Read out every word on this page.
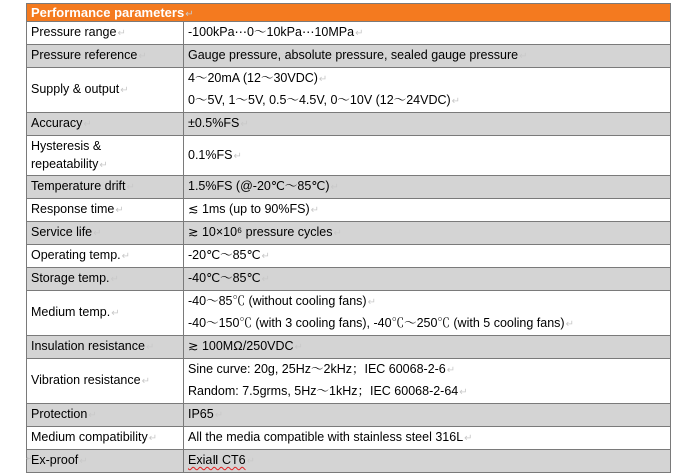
Performance parameters↵
Pressure range↵	-100kPa⋯0～10kPa⋯10MPa↵
Pressure reference↵	Gauge pressure, absolute pressure, sealed gauge pressure↵
Supply & output↵	4～20mA (12～30VDC)↵
0～5V, 1～5V, 0.5～4.5V, 0～10V (12～24VDC)↵

Accuracy↵	±0.5%FS↵
Hysteresis & repeatability↵	0.1%FS↵
Temperature drift↵	1.5%FS (@-20℃～85℃)↵
Response time↵	≲ 1ms (up to 90%FS)↵
Service life↵	≳ 10×10⁶ pressure cycles↵
Operating temp.↵	-20℃～85℃↵
Storage temp.↵	-40℃～85℃↵
Medium temp.↵	-40～85℃ (without cooling fans)↵
-40～150℃ (with 3 cooling fans), -40℃～250℃ (with 5 cooling fans)↵

Insulation resistance↵	≳ 100MΩ/250VDC↵
Vibration resistance↵	Sine curve: 20g, 25Hz～2kHz；IEC 60068-2-6↵
Random: 7.5grms, 5Hz～1kHz；IEC 60068-2-64↵

Protection↵	IP65↵
Medium compatibility↵	All the media compatible with stainless steel 316L↵
Ex-proof↵	ExiaⅡ CT6↵
↵
